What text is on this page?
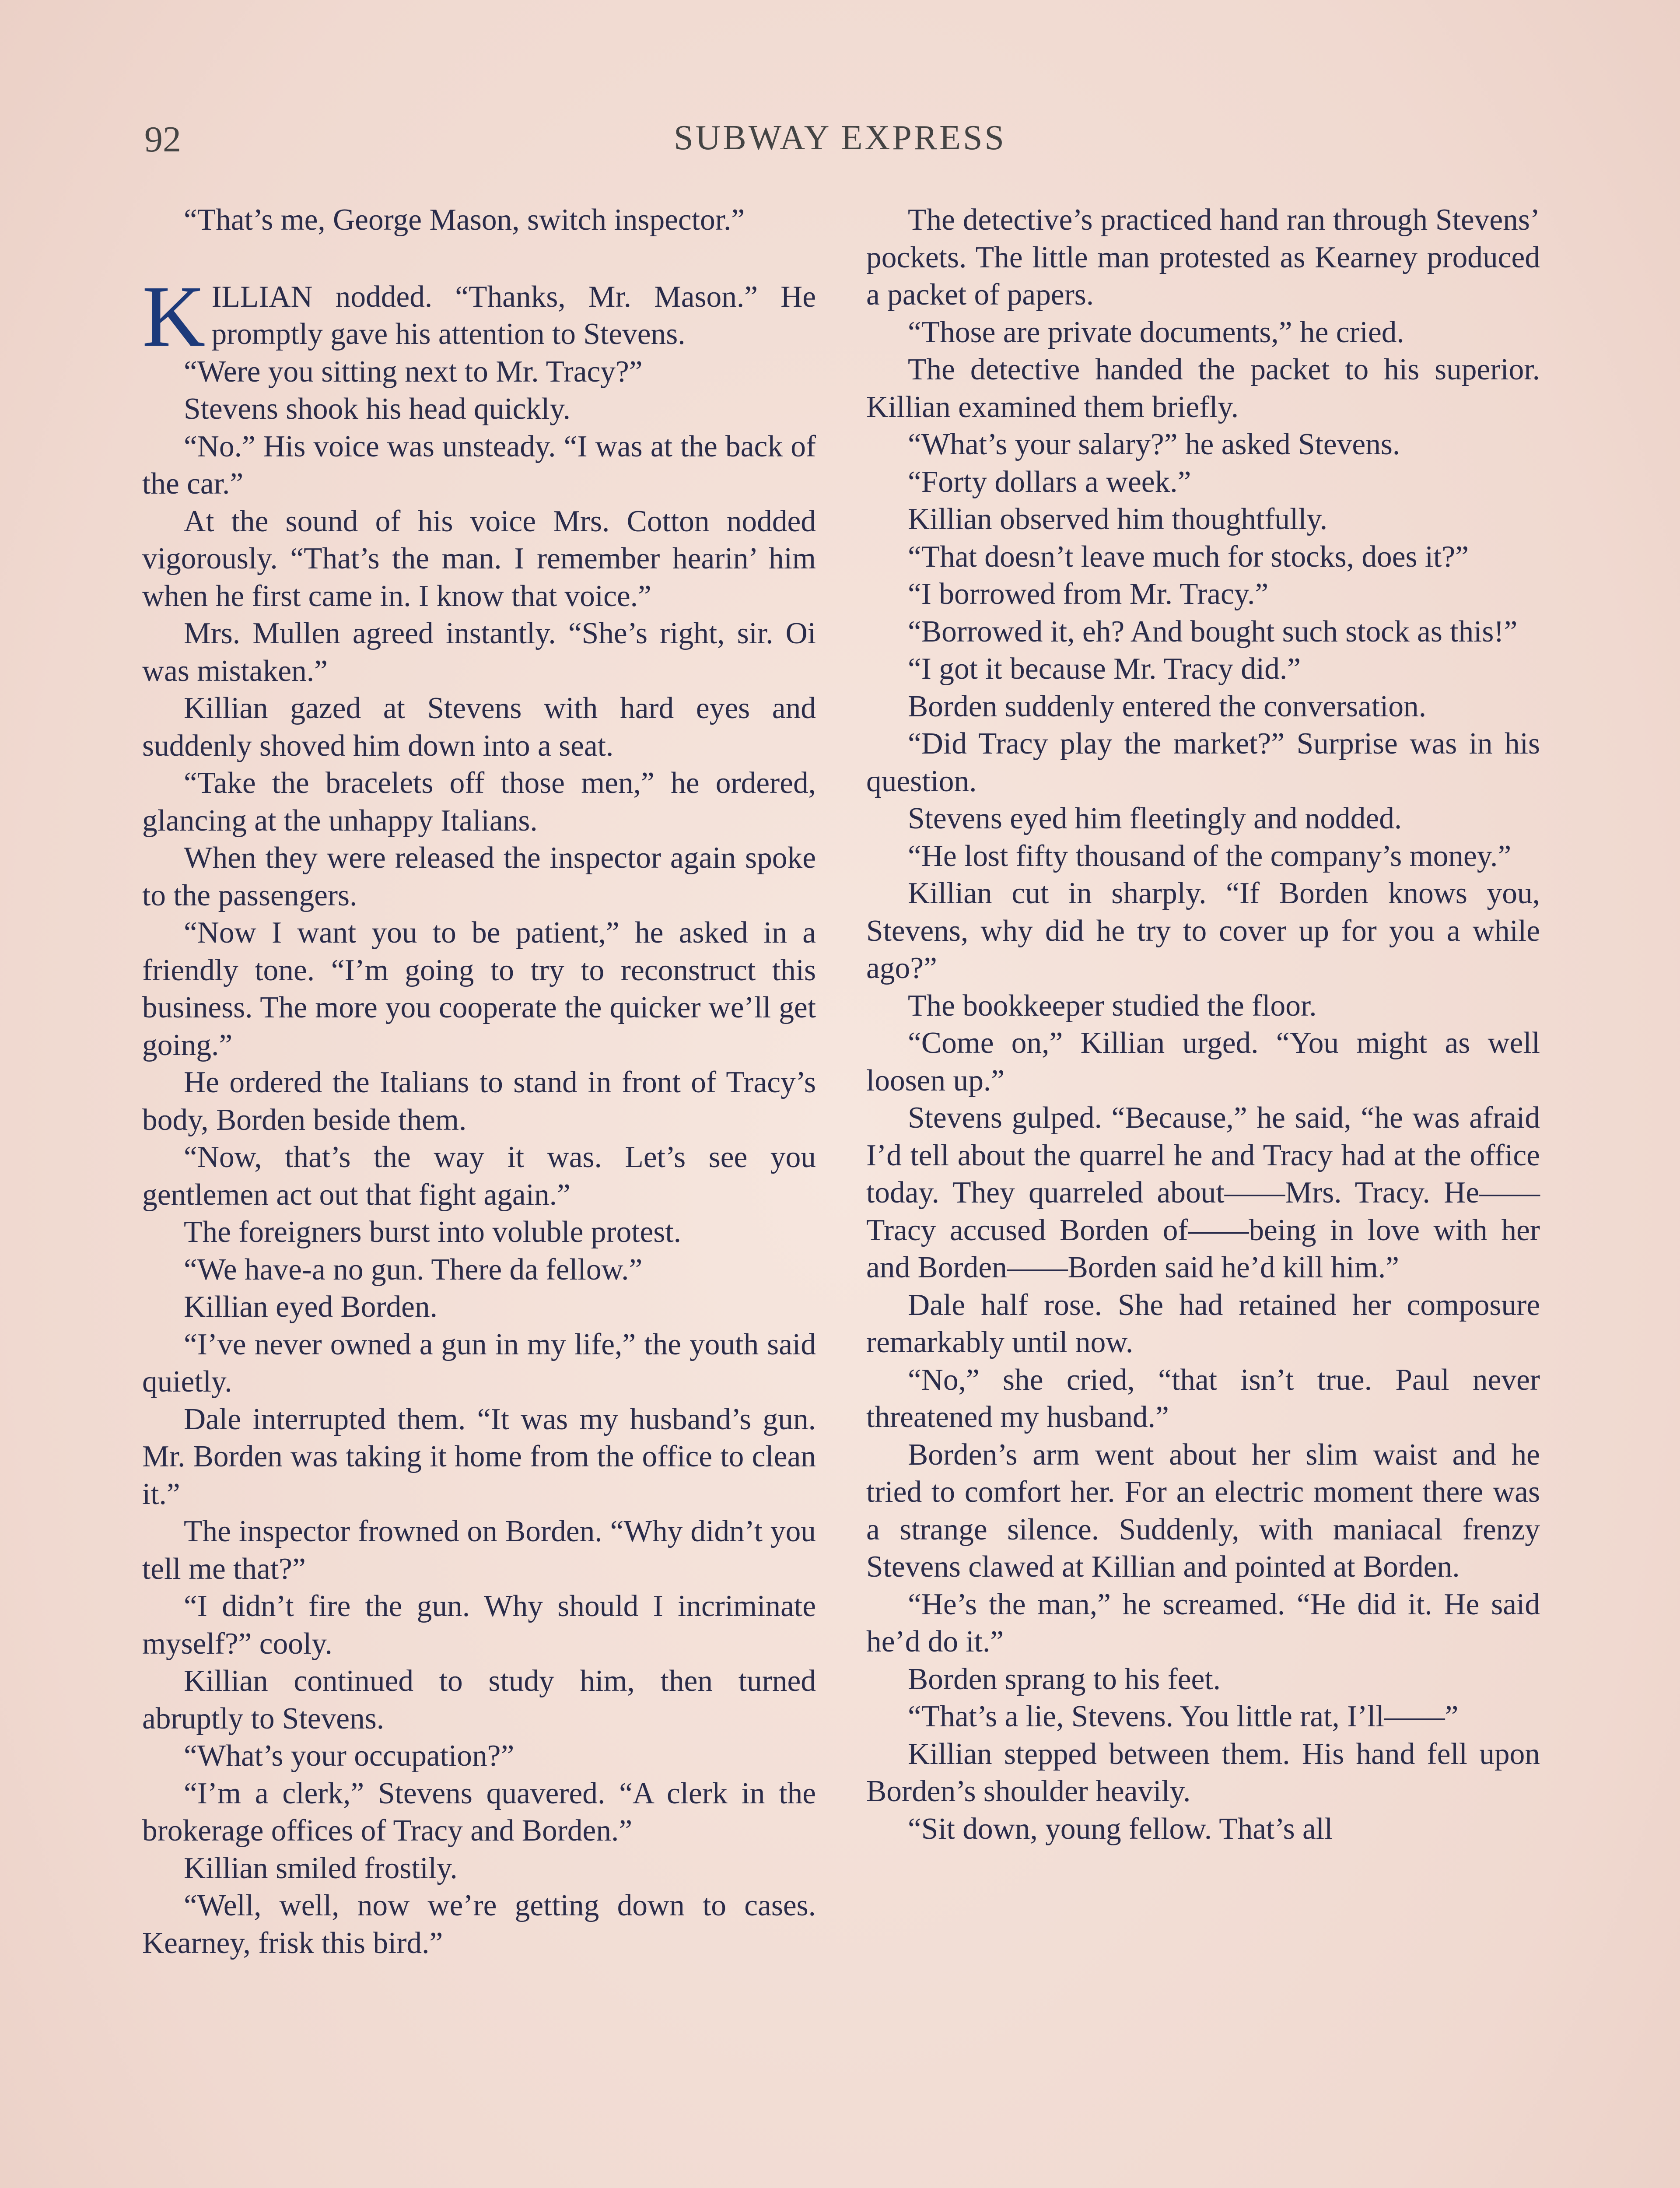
92	SUBWAY EXPRESS

“That’s me, George Mason, switch inspector.”

KILLIAN nodded. “Thanks, Mr. Mason.” He promptly gave his attention to Stevens.

“Were you sitting next to Mr. Tracy?”

Stevens shook his head quickly.

“No.” His voice was unsteady. “I was at the back of the car.”

At the sound of his voice Mrs. Cotton nodded vigorously. “That’s the man. I remember hearin’ him when he first came in. I know that voice.”

Mrs. Mullen agreed instantly. “She’s right, sir. Oi was mistaken.”

Killian gazed at Stevens with hard eyes and suddenly shoved him down into a seat.

“Take the bracelets off those men,” he ordered, glancing at the unhappy Italians.

When they were released the inspector again spoke to the passengers.

“Now I want you to be patient,” he asked in a friendly tone. “I’m going to try to reconstruct this business. The more you cooperate the quicker we’ll get going.”

He ordered the Italians to stand in front of Tracy’s body, Borden beside them.

“Now, that’s the way it was. Let’s see you gentlemen act out that fight again.”

The foreigners burst into voluble protest.

“We have-a no gun. There da fellow.”

Killian eyed Borden.

“I’ve never owned a gun in my life,” the youth said quietly.

Dale interrupted them. “It was my husband’s gun. Mr. Borden was taking it home from the office to clean it.”

The inspector frowned on Borden. “Why didn’t you tell me that?”

“I didn’t fire the gun. Why should I incriminate myself?” cooly.

Killian continued to study him, then turned abruptly to Stevens.

“What’s your occupation?”

“I’m a clerk,” Stevens quavered. “A clerk in the brokerage offices of Tracy and Borden.”

Killian smiled frostily.

“Well, well, now we’re getting down to cases. Kearney, frisk this bird.”

The detective’s practiced hand ran through Stevens’ pockets. The little man protested as Kearney produced a packet of papers.

“Those are private documents,” he cried.

The detective handed the packet to his superior. Killian examined them briefly.

“What’s your salary?” he asked Stevens.

“Forty dollars a week.”

Killian observed him thoughtfully.

“That doesn’t leave much for stocks, does it?”

“I borrowed from Mr. Tracy.”

“Borrowed it, eh? And bought such stock as this!”

“I got it because Mr. Tracy did.”

Borden suddenly entered the conversation.

“Did Tracy play the market?” Surprise was in his question.

Stevens eyed him fleetingly and nodded.

“He lost fifty thousand of the company’s money.”

Killian cut in sharply. “If Borden knows you, Stevens, why did he try to cover up for you a while ago?”

The bookkeeper studied the floor.

“Come on,” Killian urged. “You might as well loosen up.”

Stevens gulped. “Because,” he said, “he was afraid I’d tell about the quarrel he and Tracy had at the office today. They quarreled about——Mrs. Tracy. He——Tracy accused Borden of——being in love with her and Borden——Borden said he’d kill him.”

Dale half rose. She had retained her composure remarkably until now.

“No,” she cried, “that isn’t true. Paul never threatened my husband.”

Borden’s arm went about her slim waist and he tried to comfort her. For an electric moment there was a strange silence. Suddenly, with maniacal frenzy Stevens clawed at Killian and pointed at Borden.

“He’s the man,” he screamed. “He did it. He said he’d do it.”

Borden sprang to his feet.

“That’s a lie, Stevens. You little rat, I’ll——”

Killian stepped between them. His hand fell upon Borden’s shoulder heavily.

“Sit down, young fellow. That’s all
